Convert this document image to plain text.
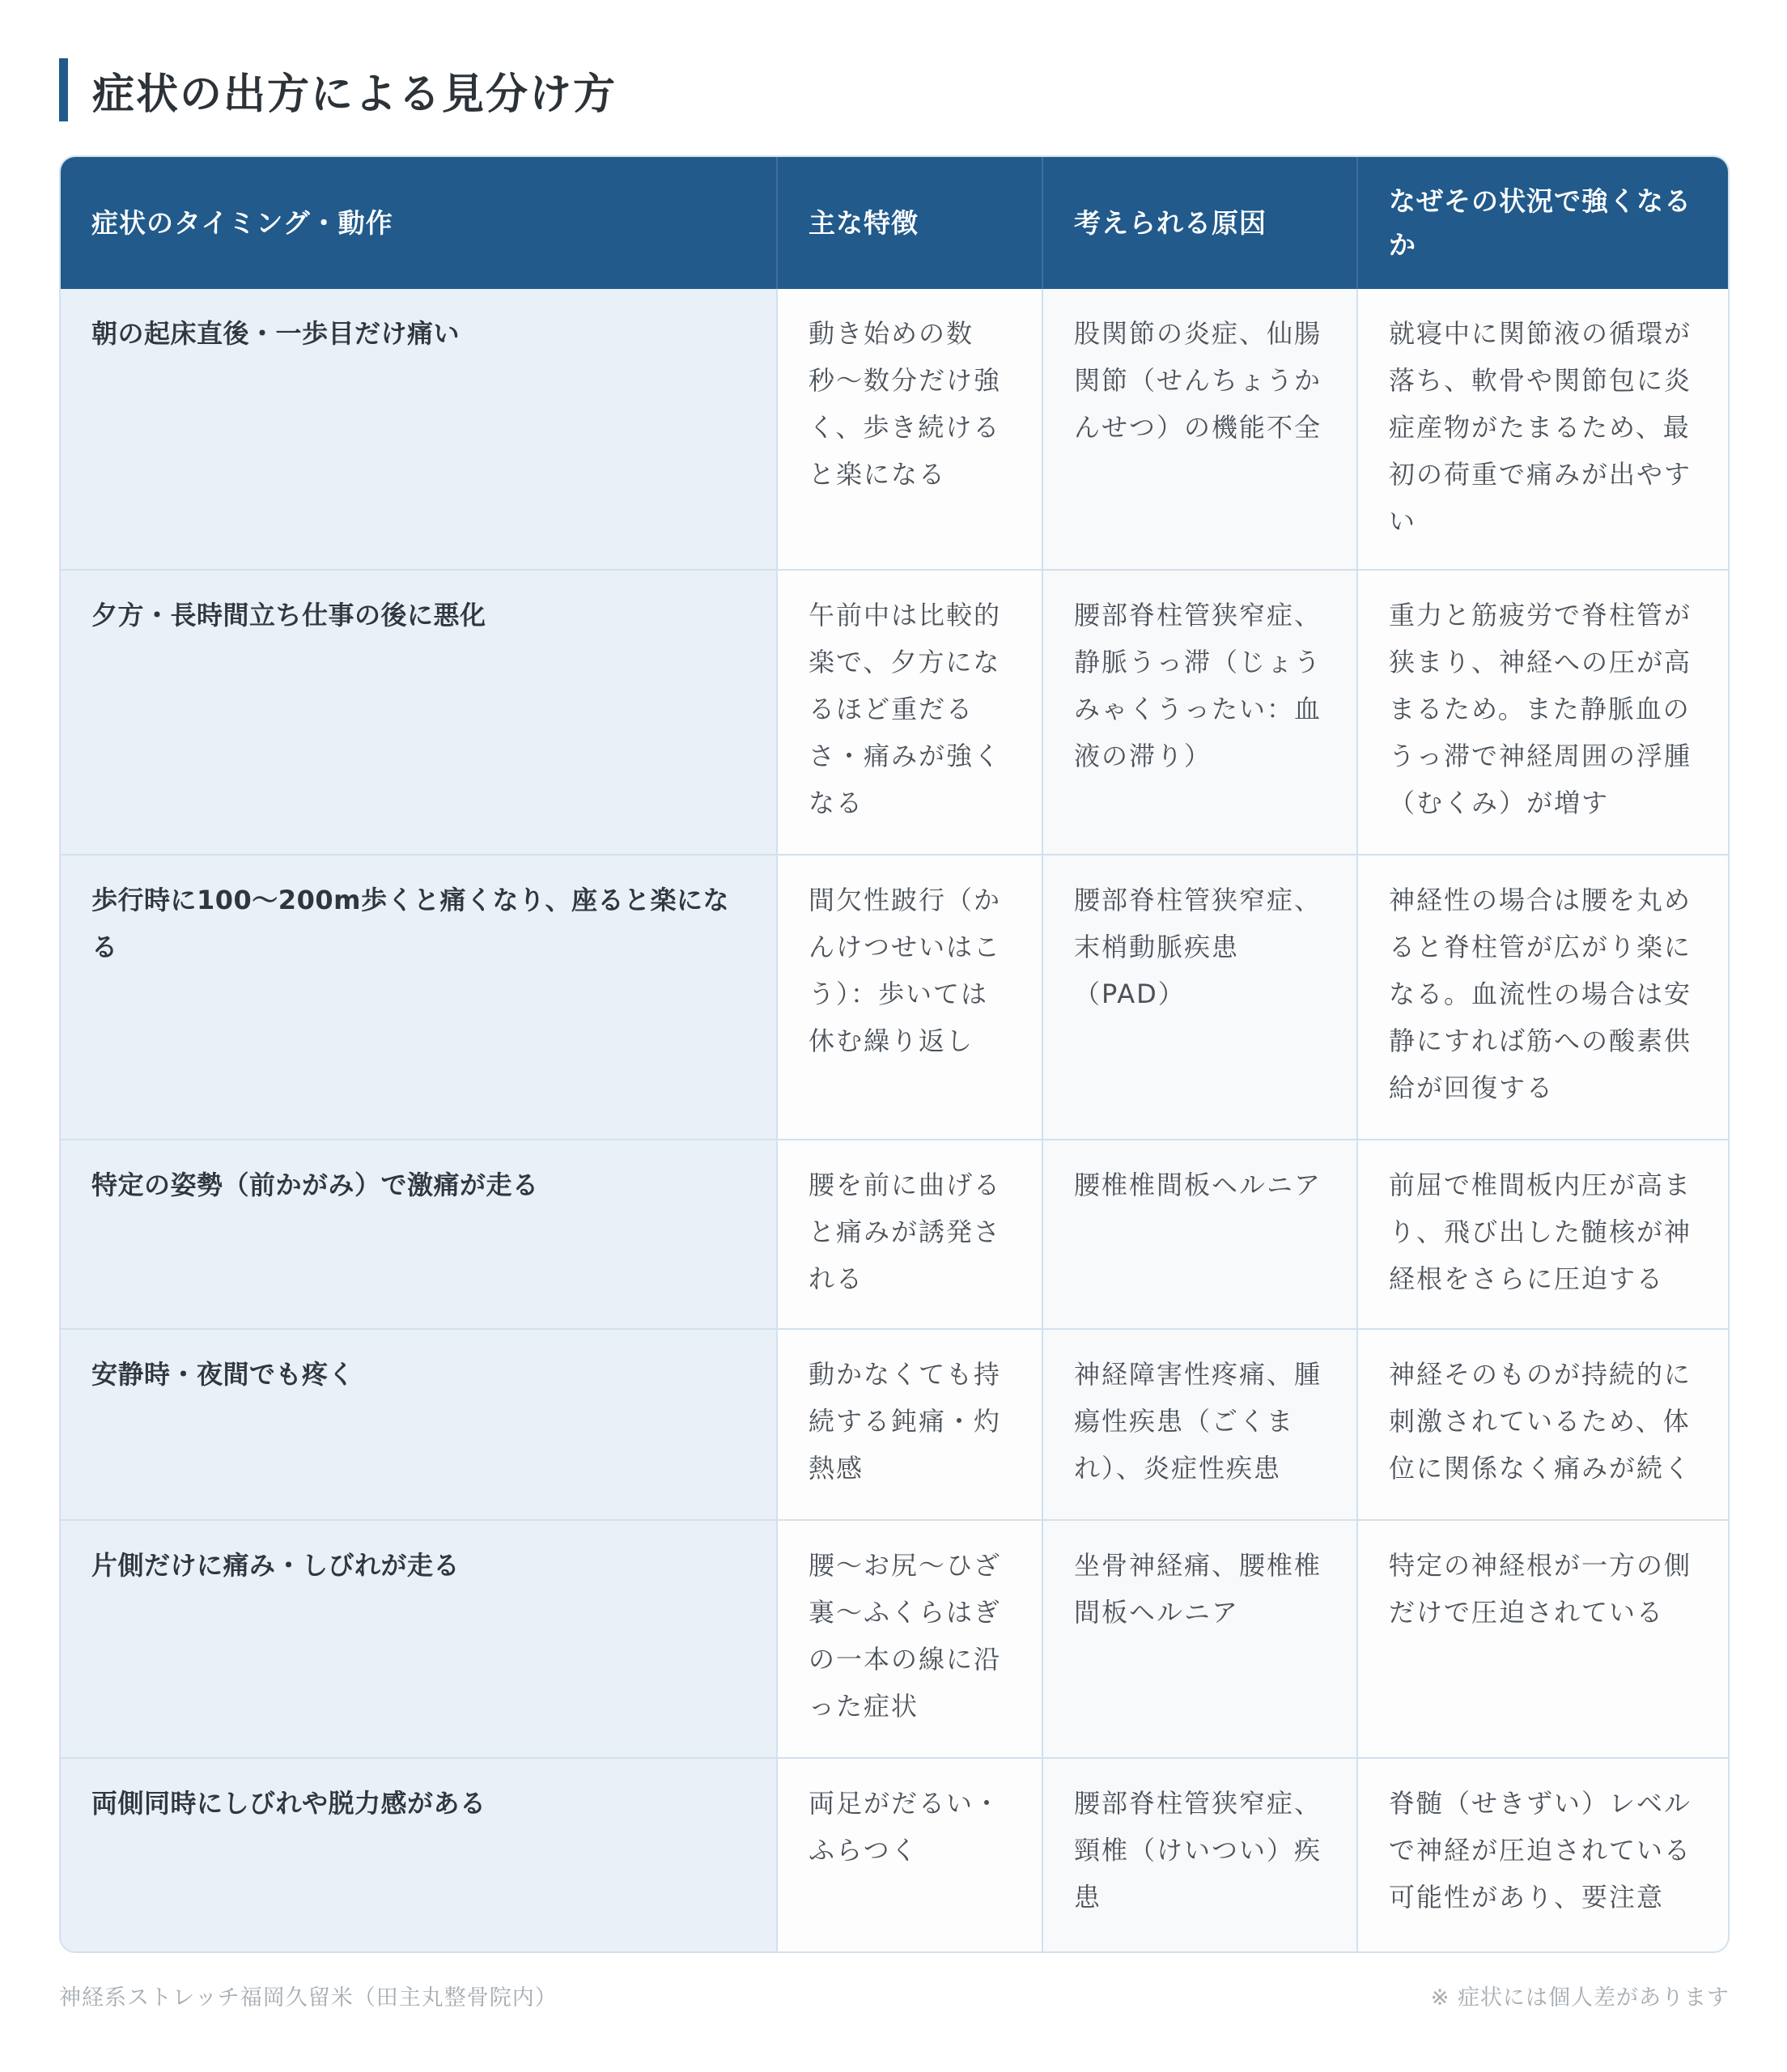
症状の出方による見分け方
症状のタイミング・動作	主な特徴	考えられる原因	なぜその状況で強くなるか
朝の起床直後・一歩目だけ痛い	動き始めの数秒〜数分だけ強く、歩き続けると楽になる	股関節の炎症、仙腸関節（せんちょうかんせつ）の機能不全	就寝中に関節液の循環が落ち、軟骨や関節包に炎症産物がたまるため、最初の荷重で痛みが出やすい
夕方・長時間立ち仕事の後に悪化	午前中は比較的楽で、夕方になるほど重だるさ・痛みが強くなる	腰部脊柱管狭窄症、静脈うっ滞（じょうみゃくうったい：血液の滞り）	重力と筋疲労で脊柱管が狭まり、神経への圧が高まるため。また静脈血のうっ滞で神経周囲の浮腫（むくみ）が増す
歩行時に100〜200m歩くと痛くなり、座ると楽になる	間欠性跛行（かんけつせいはこう）：歩いては休む繰り返し	腰部脊柱管狭窄症、末梢動脈疾患（PAD）	神経性の場合は腰を丸めると脊柱管が広がり楽になる。血流性の場合は安静にすれば筋への酸素供給が回復する
特定の姿勢（前かがみ）で激痛が走る	腰を前に曲げると痛みが誘発される	腰椎椎間板ヘルニア	前屈で椎間板内圧が高まり、飛び出した髄核が神経根をさらに圧迫する
安静時・夜間でも疼く	動かなくても持続する鈍痛・灼熱感	神経障害性疼痛、腫瘍性疾患（ごくまれ）、炎症性疾患	神経そのものが持続的に刺激されているため、体位に関係なく痛みが続く
片側だけに痛み・しびれが走る	腰〜お尻〜ひざ裏〜ふくらはぎの一本の線に沿った症状	坐骨神経痛、腰椎椎間板ヘルニア	特定の神経根が一方の側だけで圧迫されている
両側同時にしびれや脱力感がある	両足がだるい・ふらつく	腰部脊柱管狭窄症、頸椎（けいつい）疾患	脊髄（せきずい）レベルで神経が圧迫されている可能性があり、要注意
神経系ストレッチ福岡久留米（田主丸整骨院内）	※ 症状には個人差があります
